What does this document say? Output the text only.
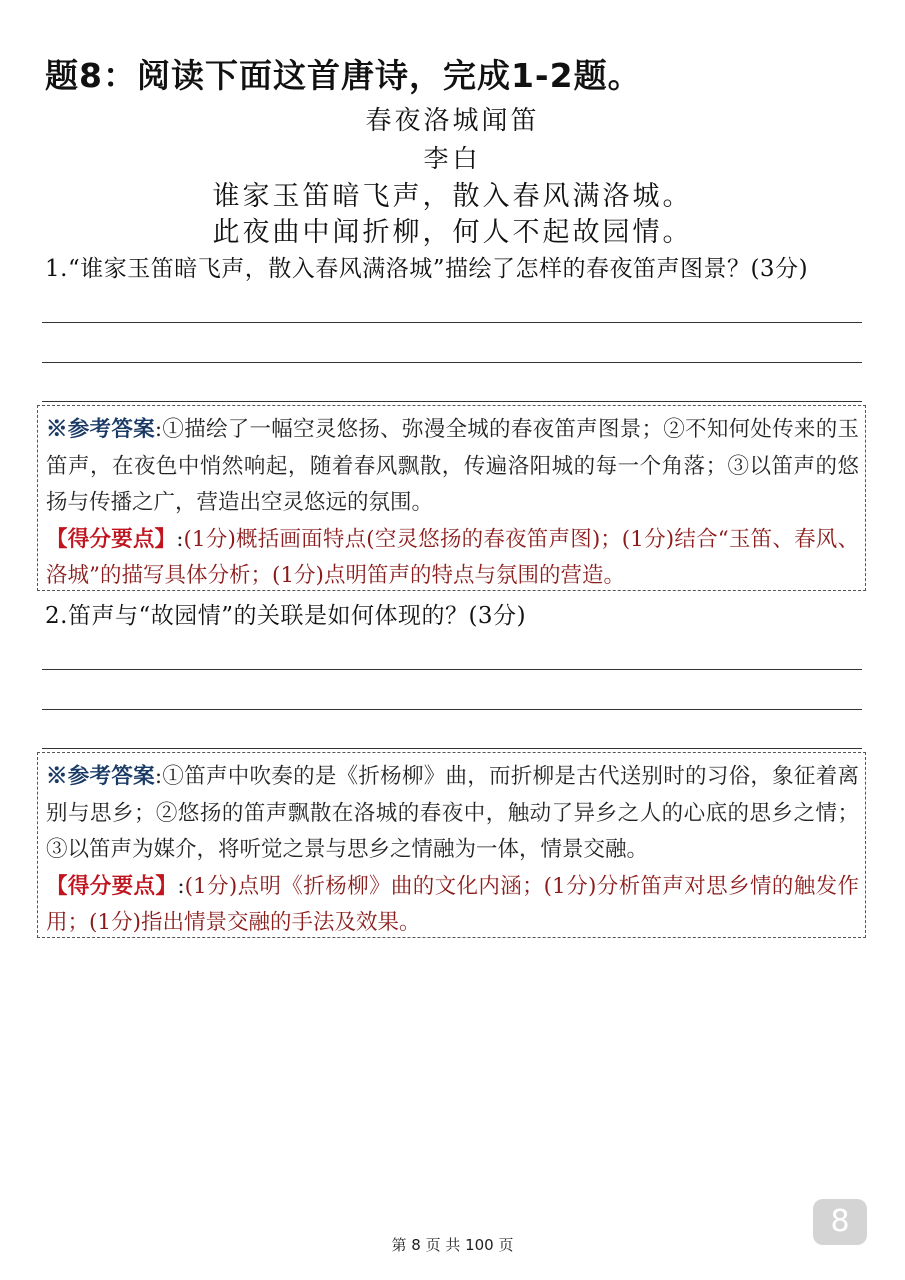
题8：阅读下面这首唐诗，完成1-2题。
春夜洛城闻笛
李白
谁家玉笛暗飞声，散入春风满洛城。
此夜曲中闻折柳，何人不起故园情。
1.“谁家玉笛暗飞声，散入春风满洛城”描绘了怎样的春夜笛声图景？(3分)
※参考答案:①描绘了一幅空灵悠扬、弥漫全城的春夜笛声图景；②不知何处传来的玉笛声，在夜色中悄然响起，随着春风飘散，传遍洛阳城的每一个角落；③以笛声的悠扬与传播之广，营造出空灵悠远的氛围。
【得分要点】:(1分)概括画面特点(空灵悠扬的春夜笛声图)；(1分)结合“玉笛、春风、洛城”的描写具体分析；(1分)点明笛声的特点与氛围的营造。
2.笛声与“故园情”的关联是如何体现的？(3分)
※参考答案:①笛声中吹奏的是《折杨柳》曲，而折柳是古代送别时的习俗，象征着离别与思乡；②悠扬的笛声飘散在洛城的春夜中，触动了异乡之人的心底的思乡之情；③以笛声为媒介，将听觉之景与思乡之情融为一体，情景交融。
【得分要点】:(1分)点明《折杨柳》曲的文化内涵；(1分)分析笛声对思乡情的触发作用；(1分)指出情景交融的手法及效果。
第 8 页 共 100 页
8
